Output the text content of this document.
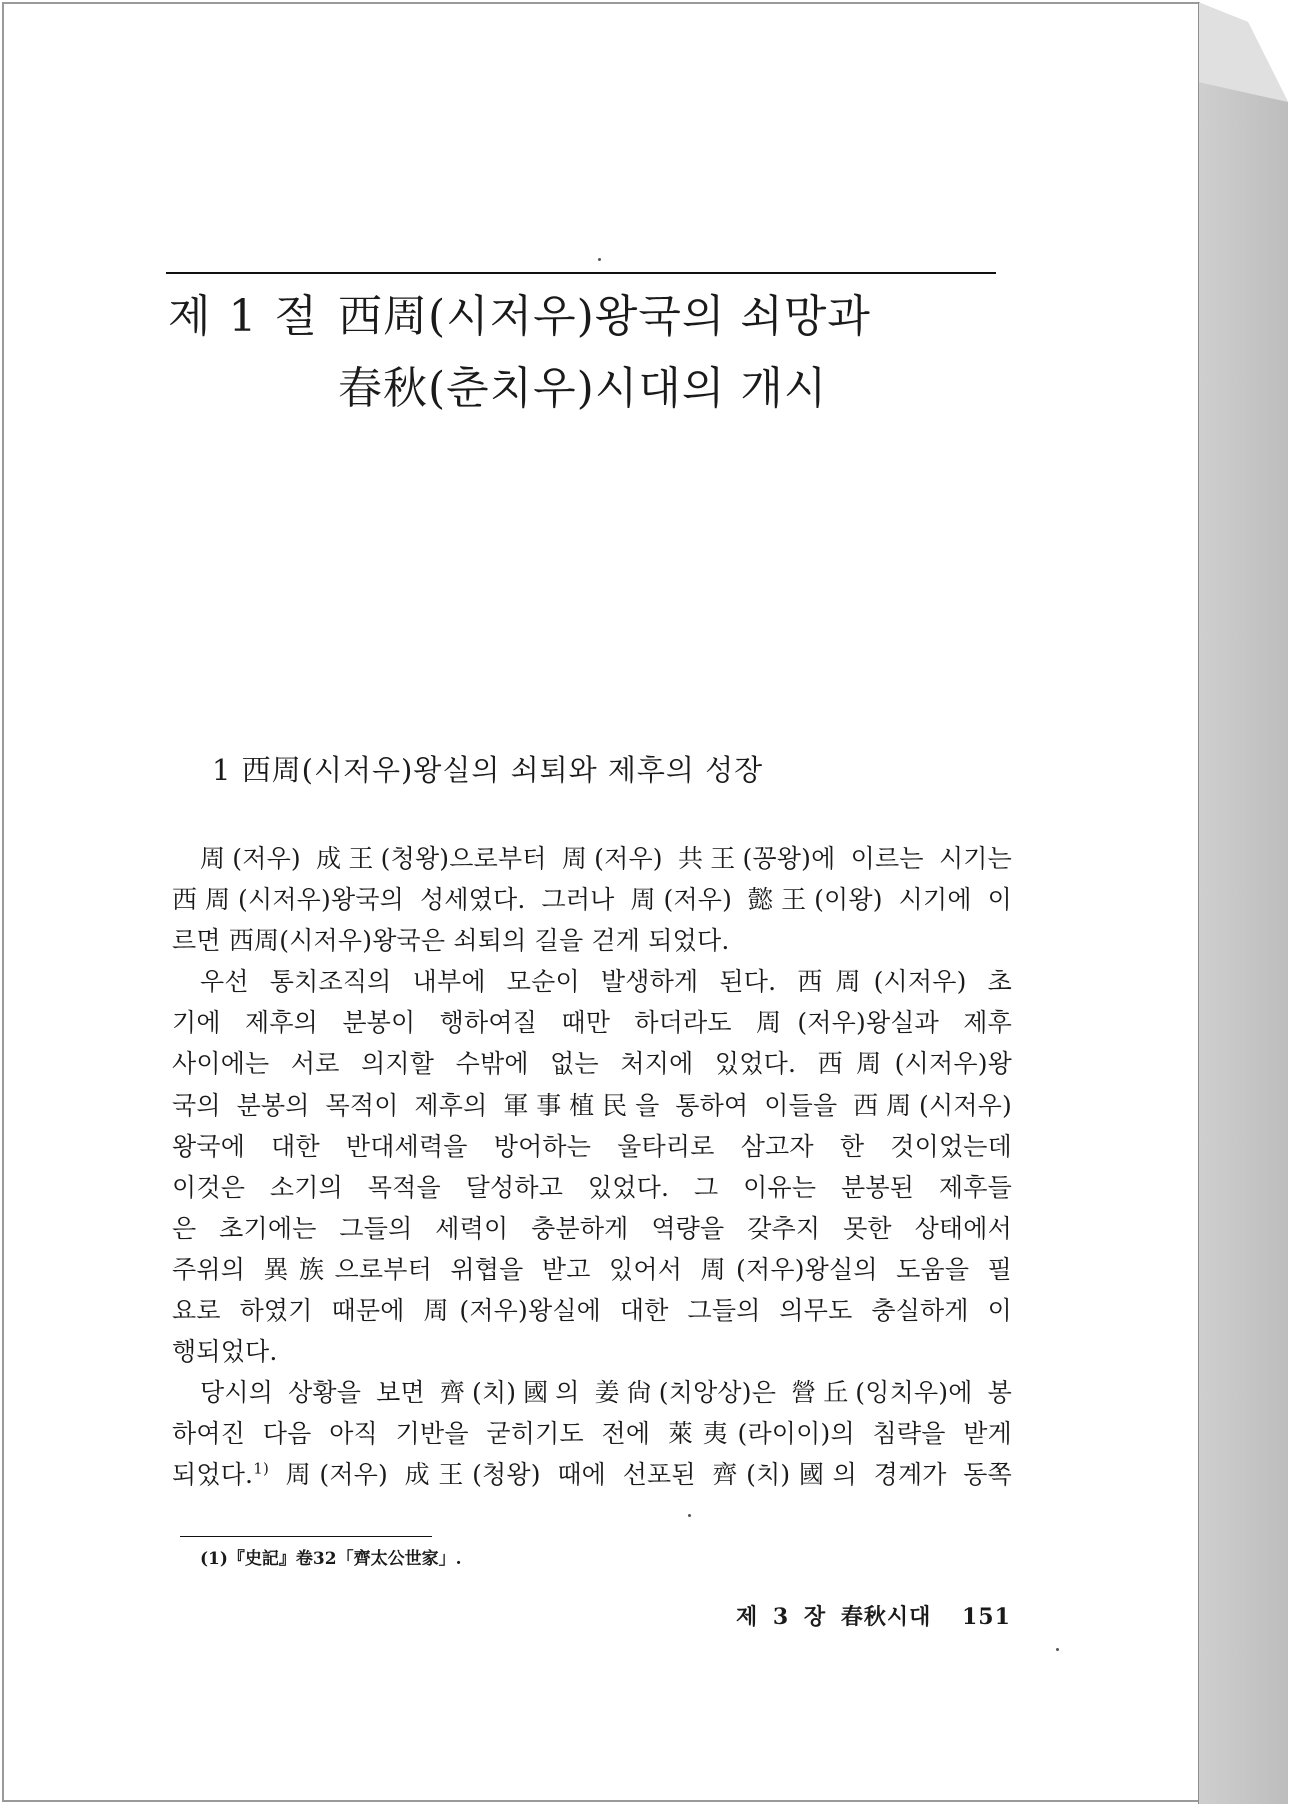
제 1 절 西周(시저우)왕국의 쇠망과
春秋(춘치우)시대의 개시
1 西周(시저우)왕실의 쇠퇴와 제후의 성장
周(저우) 成王(청왕)으로부터 周(저우) 共王(꽁왕)에 이르는 시기는
西周(시저우)왕국의 성세였다. 그러나 周(저우) 懿王(이왕) 시기에 이
르면 西周(시저우)왕국은 쇠퇴의 길을 걷게 되었다.
우선 통치조직의 내부에 모순이 발생하게 된다. 西周(시저우) 초
기에 제후의 분봉이 행하여질 때만 하더라도 周(저우)왕실과 제후
사이에는 서로 의지할 수밖에 없는 처지에 있었다. 西周(시저우)왕
국의 분봉의 목적이 제후의 軍事植民을 통하여 이들을 西周(시저우)
왕국에 대한 반대세력을 방어하는 울타리로 삼고자 한 것이었는데
이것은 소기의 목적을 달성하고 있었다. 그 이유는 분봉된 제후들
은 초기에는 그들의 세력이 충분하게 역량을 갖추지 못한 상태에서
주위의 異族으로부터 위협을 받고 있어서 周(저우)왕실의 도움을 필
요로 하였기 때문에 周(저우)왕실에 대한 그들의 의무도 충실하게 이
행되었다.
당시의 상황을 보면 齊(치)國의 姜尙(치앙상)은 營丘(잉치우)에 봉
하여진 다음 아직 기반을 굳히기도 전에 萊夷(라이이)의 침략을 받게
되었다.$^{1)}$ 周(저우) 成王(청왕) 때에 선포된 齊(치)國의 경계가 동쪽
(1)『史記』卷32「齊太公世家」.
제 3 장 春秋시대 151
